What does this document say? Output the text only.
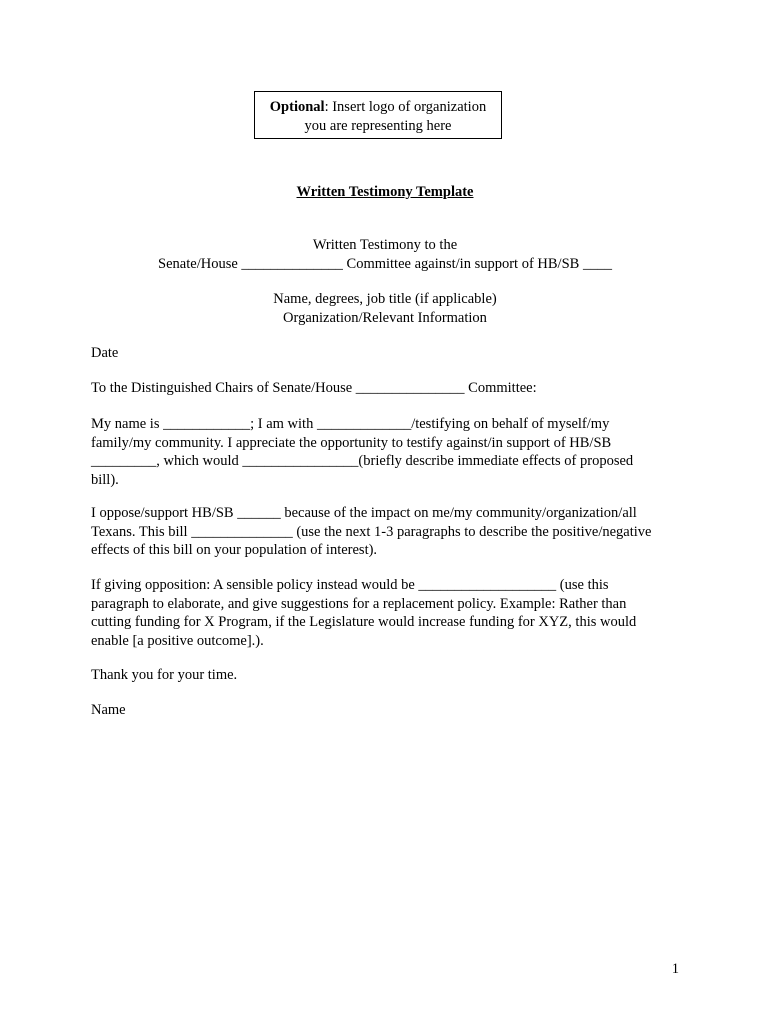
Optional: Insert logo of organization
you are representing here
Written Testimony Template
Written Testimony to the
Senate/House ______________ Committee against/in support of HB/SB ____
Name, degrees, job title (if applicable)
Organization/Relevant Information
Date
To the Distinguished Chairs of Senate/House _______________ Committee:
My name is ____________; I am with _____________/testifying on behalf of myself/my
family/my community. I appreciate the opportunity to testify against/in support of HB/SB
_________, which would ________________(briefly describe immediate effects of proposed
bill).
I oppose/support HB/SB ______ because of the impact on me/my community/organization/all
Texans. This bill ______________ (use the next 1-3 paragraphs to describe the positive/negative
effects of this bill on your population of interest).
If giving opposition: A sensible policy instead would be ___________________ (use this
paragraph to elaborate, and give suggestions for a replacement policy. Example: Rather than
cutting funding for X Program, if the Legislature would increase funding for XYZ, this would
enable [a positive outcome].).
Thank you for your time.
Name
1
